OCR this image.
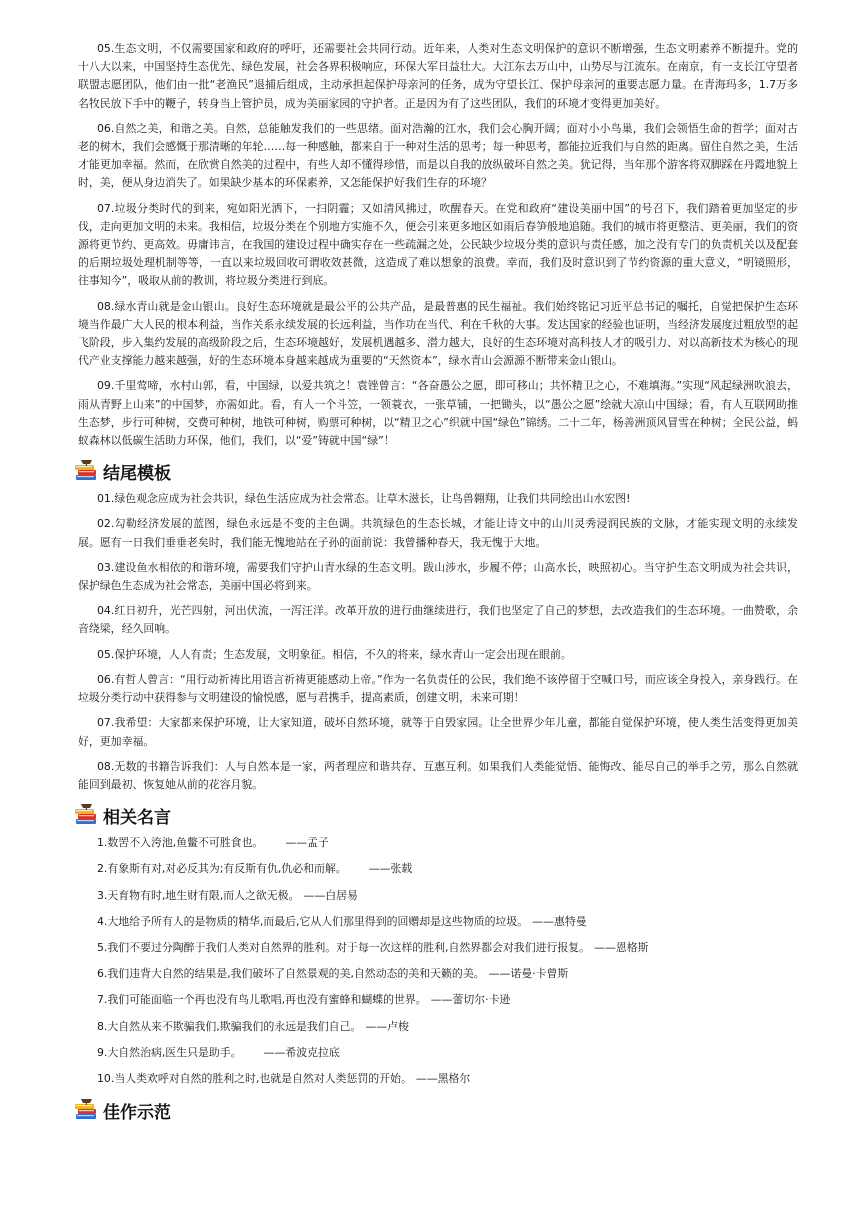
05.生态文明，不仅需要国家和政府的呼吁，还需要社会共同行动。近年来，人类对生态文明保护的意识不断增强，生态文明素养不断提升。党的十八大以来，中国坚持生态优先、绿色发展，社会各界积极响应，环保大军日益壮大。大江东去万山中，山势尽与江流东。在南京，有一支长江守望者联盟志愿团队，他们由一批“老渔民”退捕后组成，主动承担起保护母亲河的任务，成为守望长江、保护母亲河的重要志愿力量。在青海玛多，1.7万多名牧民放下手中的鞭子，转身当上管护员，成为美丽家园的守护者。正是因为有了这些团队，我们的环境才变得更加美好。

06.自然之美，和谐之美。自然，总能触发我们的一些思绪。面对浩瀚的江水，我们会心胸开阔；面对小小鸟巢，我们会领悟生命的哲学；面对古老的树木，我们会感慨于那清晰的年轮……每一种感触，都来自于一种对生活的思考；每一种思考，都能拉近我们与自然的距离。留住自然之美，生活才能更加幸福。然而，在欣赏自然美的过程中，有些人却不懂得珍惜，而是以自我的放纵破坏自然之美。犹记得，当年那个游客将双脚踩在丹霞地貌上时，美，便从身边消失了。如果缺少基本的环保素养，又怎能保护好我们生存的环境？

07.垃圾分类时代的到来，宛如阳光洒下，一扫阴霾；又如清风拂过，吹醒春天。在党和政府“建设美丽中国”的号召下，我们踏着更加坚定的步伐，走向更加文明的未来。我相信，垃圾分类在个别地方实施不久，便会引来更多地区如雨后春笋般地追随。我们的城市将更整洁、更美丽，我们的资源将更节约、更高效。毋庸讳言，在我国的建设过程中确实存在一些疏漏之处，公民缺少垃圾分类的意识与责任感，加之没有专门的负责机关以及配套的后期垃圾处理机制等等，一直以来垃圾回收可谓收效甚微，这造成了难以想象的浪费。幸而，我们及时意识到了节约资源的重大意义，“明镜照形，往事知今”，吸取从前的教训，将垃圾分类进行到底。

08.绿水青山就是金山银山。良好生态环境就是最公平的公共产品，是最普惠的民生福祉。我们始终铭记习近平总书记的嘱托，自觉把保护生态环境当作最广大人民的根本利益，当作关系永续发展的长远利益，当作功在当代、利在千秋的大事。发达国家的经验也证明，当经济发展度过粗放型的起飞阶段，步入集约发展的高级阶段之后，生态环境越好，发展机遇越多、潜力越大，良好的生态环境对高科技人才的吸引力、对以高新技术为核心的现代产业支撑能力越来越强，好的生态环境本身越来越成为重要的“天然资本”，绿水青山会源源不断带来金山银山。

09.千里莺啼，水村山郭，看，中国绿，以爱共筑之！袁锉曾言：“各奋愚公之愿，即可移山；共怀精卫之心，不难填海。”实现“风起绿洲吹浪去，雨从青野上山来”的中国梦，亦需如此。看，有人一个斗笠，一领蓑衣，一张草铺，一把锄头，以“愚公之愿”绘就大凉山中国绿；看，有人互联网助推生态梦，步行可种树，交费可种树，地铁可种树，购票可种树，以“精卫之心”织就中国“绿色”锦绣。二十二年，杨善洲顶风冒雪在种树；全民公益，蚂蚁森林以低碳生活助力环保，他们，我们，以“爱”铸就中国“绿”！

结尾模板

01.绿色观念应成为社会共识，绿色生活应成为社会常态。让草木滋长，让鸟兽翱翔，让我们共同绘出山水宏图!

02.勾勒经济发展的蓝图，绿色永远是不变的主色调。共筑绿色的生态长城，才能让诗文中的山川灵秀浸润民族的文脉，才能实现文明的永续发展。愿有一日我们垂垂老矣时，我们能无愧地站在子孙的面前说：我曾播种春天，我无愧于大地。

03.建设鱼水相依的和谐环境，需要我们守护山青水绿的生态文明。跋山涉水，步履不停；山高水长，映照初心。当守护生态文明成为社会共识，保护绿色生态成为社会常态，美丽中国必将到来。

04.红日初升，光芒四射，河出伏流，一泻汪洋。改革开放的进行曲继续进行，我们也坚定了自己的梦想，去改造我们的生态环境。一曲赞歌，余音绕梁，经久回响。

05.保护环境，人人有责；生态发展，文明象征。相信，不久的将来，绿水青山一定会出现在眼前。

06.有哲人曾言：“用行动祈祷比用语言祈祷更能感动上帝。”作为一名负责任的公民，我们绝不该停留于空喊口号，而应该全身投入，亲身践行。在垃圾分类行动中获得参与文明建设的愉悦感，愿与君携手，提高素质，创建文明，未来可期！

07.我希望：大家都来保护环境，让大家知道，破坏自然环境，就等于自毁家园。让全世界少年儿童，都能自觉保护环境，使人类生活变得更加美好，更加幸福。

08.无数的书籍告诉我们：人与自然本是一家，两者理应和谐共存、互惠互利。如果我们人类能觉悟、能悔改、能尽自己的举手之劳，那么自然就能回到最初、恢复她从前的花容月貌。

相关名言

1.数罟不入洿池,鱼鳖不可胜食也。 ——孟子

2.有象斯有对,对必反其为;有反斯有仇,仇必和而解。 ——张载

3.天育物有时,地生财有限,而人之欲无极。 ——白居易

4.大地给予所有人的是物质的精华,而最后,它从人们那里得到的回赠却是这些物质的垃圾。 ——惠特曼

5.我们不要过分陶醉于我们人类对自然界的胜利。对于每一次这样的胜利,自然界都会对我们进行报复。 ——恩格斯

6.我们违背大自然的结果是,我们破坏了自然景观的美,自然动态的美和天籁的美。 ——诺曼·卡曾斯

7.我们可能面临一个再也没有鸟儿歌唱,再也没有蜜蜂和蝴蝶的世界。 ——蕾切尔·卡逊

8.大自然从来不欺骗我们,欺骗我们的永远是我们自己。 ——卢梭

9.大自然治病,医生只是助手。 ——希波克拉底

10.当人类欢呼对自然的胜利之时,也就是自然对人类惩罚的开始。 ——黑格尔

佳作示范
